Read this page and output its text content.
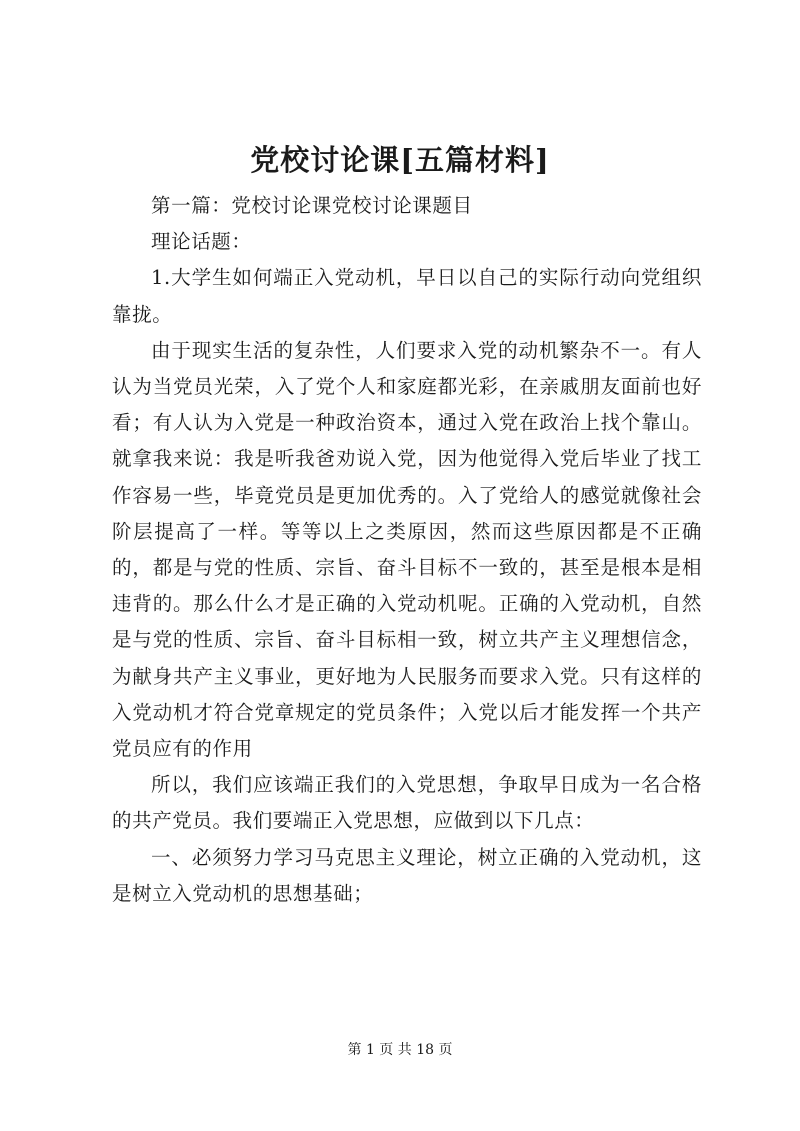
党校讨论课[五篇材料]

第一篇：党校讨论课党校讨论课题目

理论话题：

1.大学生如何端正入党动机，早日以自己的实际行动向党组织靠拢。

由于现实生活的复杂性，人们要求入党的动机繁杂不一。有人认为当党员光荣，入了党个人和家庭都光彩，在亲戚朋友面前也好看；有人认为入党是一种政治资本，通过入党在政治上找个靠山。就拿我来说：我是听我爸劝说入党，因为他觉得入党后毕业了找工作容易一些，毕竟党员是更加优秀的。入了党给人的感觉就像社会阶层提高了一样。等等以上之类原因，然而这些原因都是不正确的，都是与党的性质、宗旨、奋斗目标不一致的，甚至是根本是相违背的。那么什么才是正确的入党动机呢。正确的入党动机，自然是与党的性质、宗旨、奋斗目标相一致，树立共产主义理想信念，为献身共产主义事业，更好地为人民服务而要求入党。只有这样的入党动机才符合党章规定的党员条件；入党以后才能发挥一个共产党员应有的作用

所以，我们应该端正我们的入党思想，争取早日成为一名合格的共产党员。我们要端正入党思想，应做到以下几点：

一、必须努力学习马克思主义理论，树立正确的入党动机，这是树立入党动机的思想基础；

第 1 页 共 18 页
